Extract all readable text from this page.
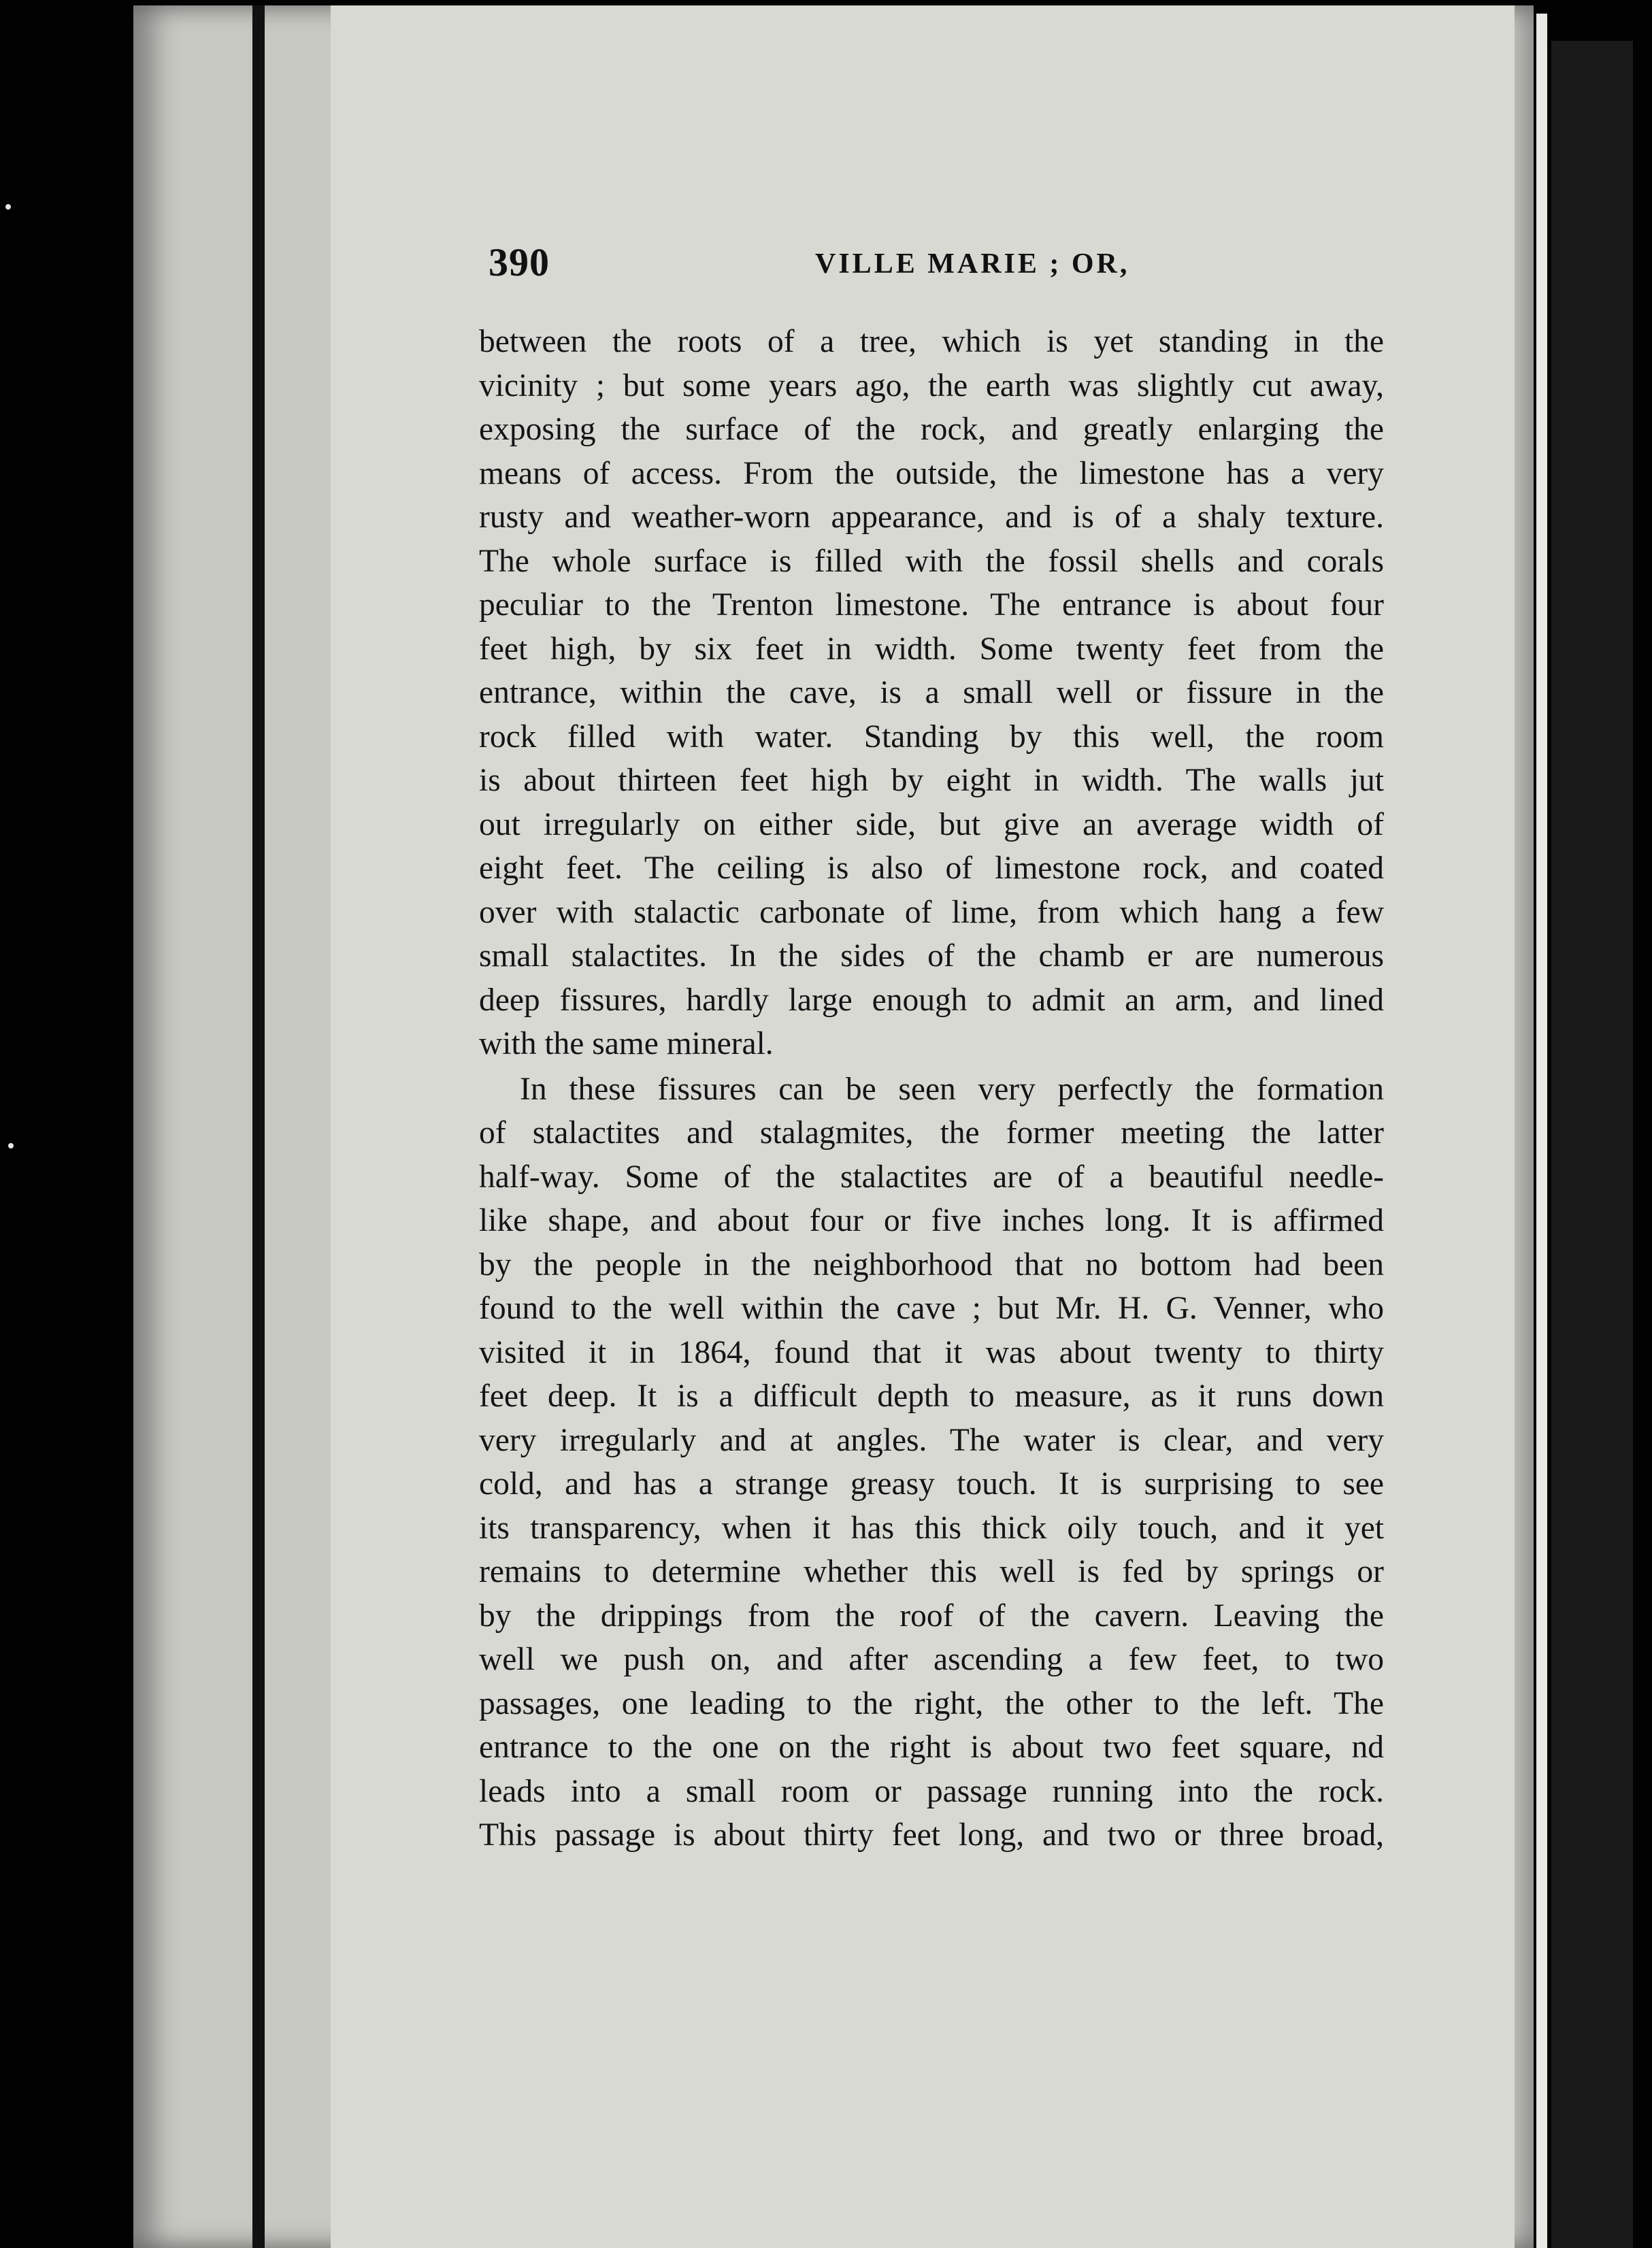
390	VILLE MARIE ; OR,
between the roots of a tree, which is yet standing in the
vicinity ; but some years ago, the earth was slightly cut away,
exposing the surface of the rock, and greatly enlarging the
means of access. From the outside, the limestone has a very
rusty and weather-worn appearance, and is of a shaly texture.
The whole surface is filled with the fossil shells and corals
peculiar to the Trenton limestone. The entrance is about four
feet high, by six feet in width. Some twenty feet from the
entrance, within the cave, is a small well or fissure in the
rock filled with water. Standing by this well, the room
is about thirteen feet high by eight in width. The walls jut
out irregularly on either side, but give an average width of
eight feet. The ceiling is also of limestone rock, and coated
over with stalactic carbonate of lime, from which hang a few
small stalactites. In the sides of the chamb er are numerous
deep fissures, hardly large enough to admit an arm, and lined
with the same mineral.
In these fissures can be seen very perfectly the formation
of stalactites and stalagmites, the former meeting the latter
half-way. Some of the stalactites are of a beautiful needle-
like shape, and about four or five inches long. It is affirmed
by the people in the neighborhood that no bottom had been
found to the well within the cave ; but Mr. H. G. Venner, who
visited it in 1864, found that it was about twenty to thirty
feet deep. It is a difficult depth to measure, as it runs down
very irregularly and at angles. The water is clear, and very
cold, and has a strange greasy touch. It is surprising to see
its transparency, when it has this thick oily touch, and it yet
remains to determine whether this well is fed by springs or
by the drippings from the roof of the cavern. Leaving the
well we push on, and after ascending a few feet, to two
passages, one leading to the right, the other to the left. The
entrance to the one on the right is about two feet square, nd
leads into a small room or passage running into the rock.
This passage is about thirty feet long, and two or three broad,
